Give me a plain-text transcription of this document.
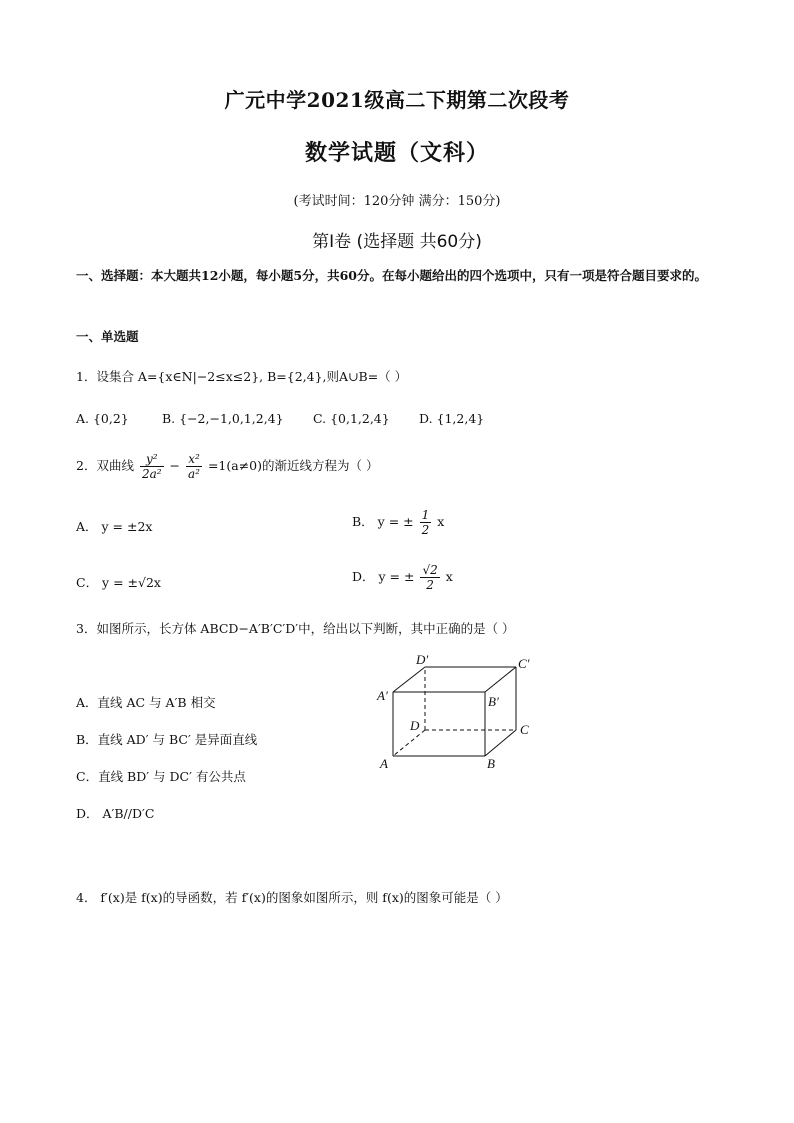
广元中学2021级高二下期第二次段考
数学试题（文科）
(考试时间：120分钟 满分：150分)
第Ⅰ卷 (选择题 共60分)
一、选择题：本大题共12小题，每小题5分，共60分。在每小题给出的四个选项中，只有一项是符合题目要求的。
一、单选题
1．设集合 A={x∈N|−2≤x≤2}, B={2,4},则A∪B=（ ）
A. {0,2}	B. {−2,−1,0,1,2,4} C. {0,1,2,4} D. {1,2,4}
2．双曲线 $\frac{\text{y²}}{\text{2a²}} - \frac{\text{x²}}{\text{a²}} =1(a\ne 0)$的渐近线方程为（ ）
A． y = ±2x	B． y = ± $\frac{1}{2}$ x
C． y = ±√2x	D． y = ± $\frac{√2}{2}$ x
3．如图所示，长方体 ABCD−A′B′C′D′中，给出以下判断，其中正确的是（ ）
A．直线 AC 与 A′B 相交
B．直线 AD′ 与 BC′ 是异面直线
C．直线 BD′ 与 DC′ 有公共点
D． A′B//D′C
A	B
C
D
A′	B′
C′
D′
4． f′(x)是 f(x)的导函数，若 f′(x)的图象如图所示，则 f(x)的图象可能是（ ）
